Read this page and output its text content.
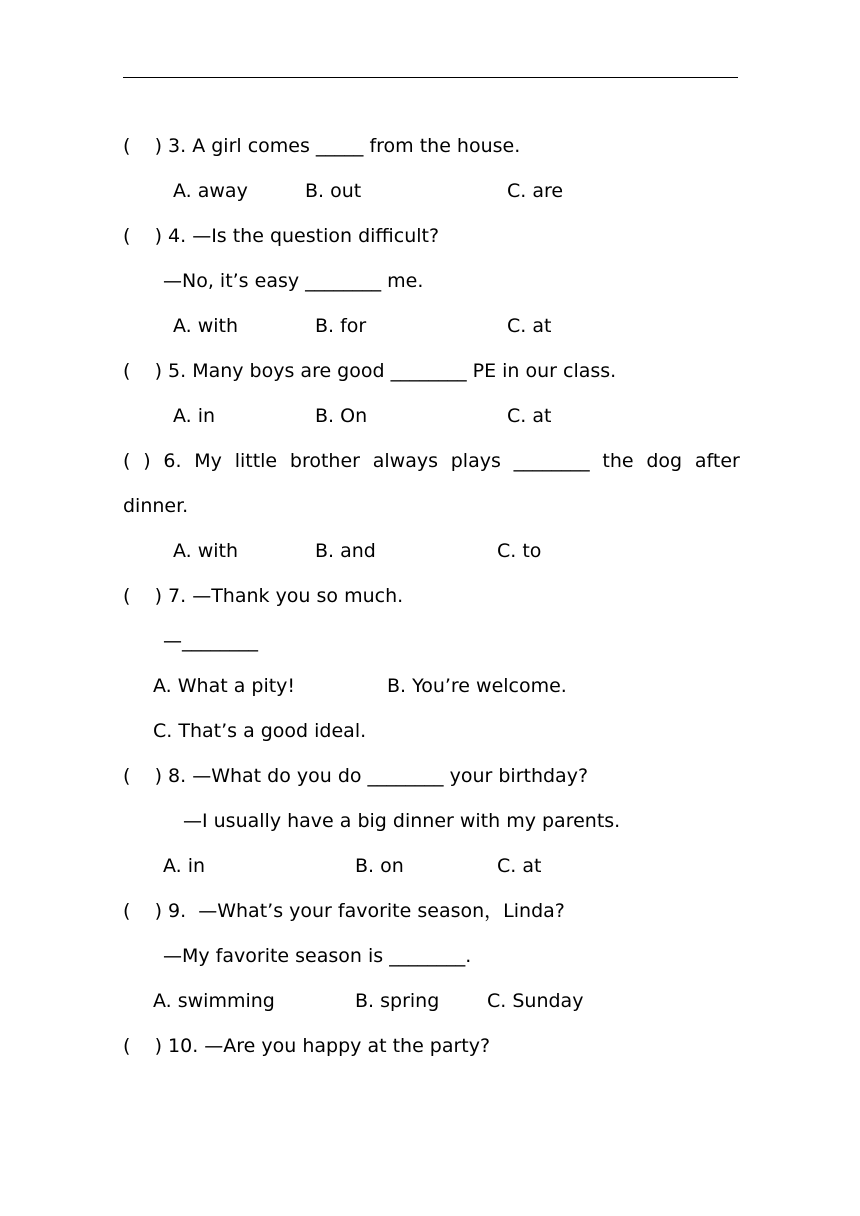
(    ) 3. A girl comes _____ from the house.
A. away	B. out	C. are
(    ) 4. —Is the question difficult?
—No, it’s easy ________ me.
A. with	B. for	C. at
(    ) 5. Many boys are good ________ PE in our class.
A. in	B. On	C. at
( ) 6. My little brother always plays ________ the dog after
dinner.
A. with	B. and	C. to
(    ) 7. —Thank you so much.
—________
A. What a pity!	B. You’re welcome.
C. That’s a good ideal.
(    ) 8. —What do you do ________ your birthday?
—I usually have a big dinner with my parents.
A. in	B. on	C. at
(    ) 9.  —What’s your favorite season，Linda?
—My favorite season is ________.
A. swimming	B. spring	C. Sunday
(    ) 10. —Are you happy at the party?
